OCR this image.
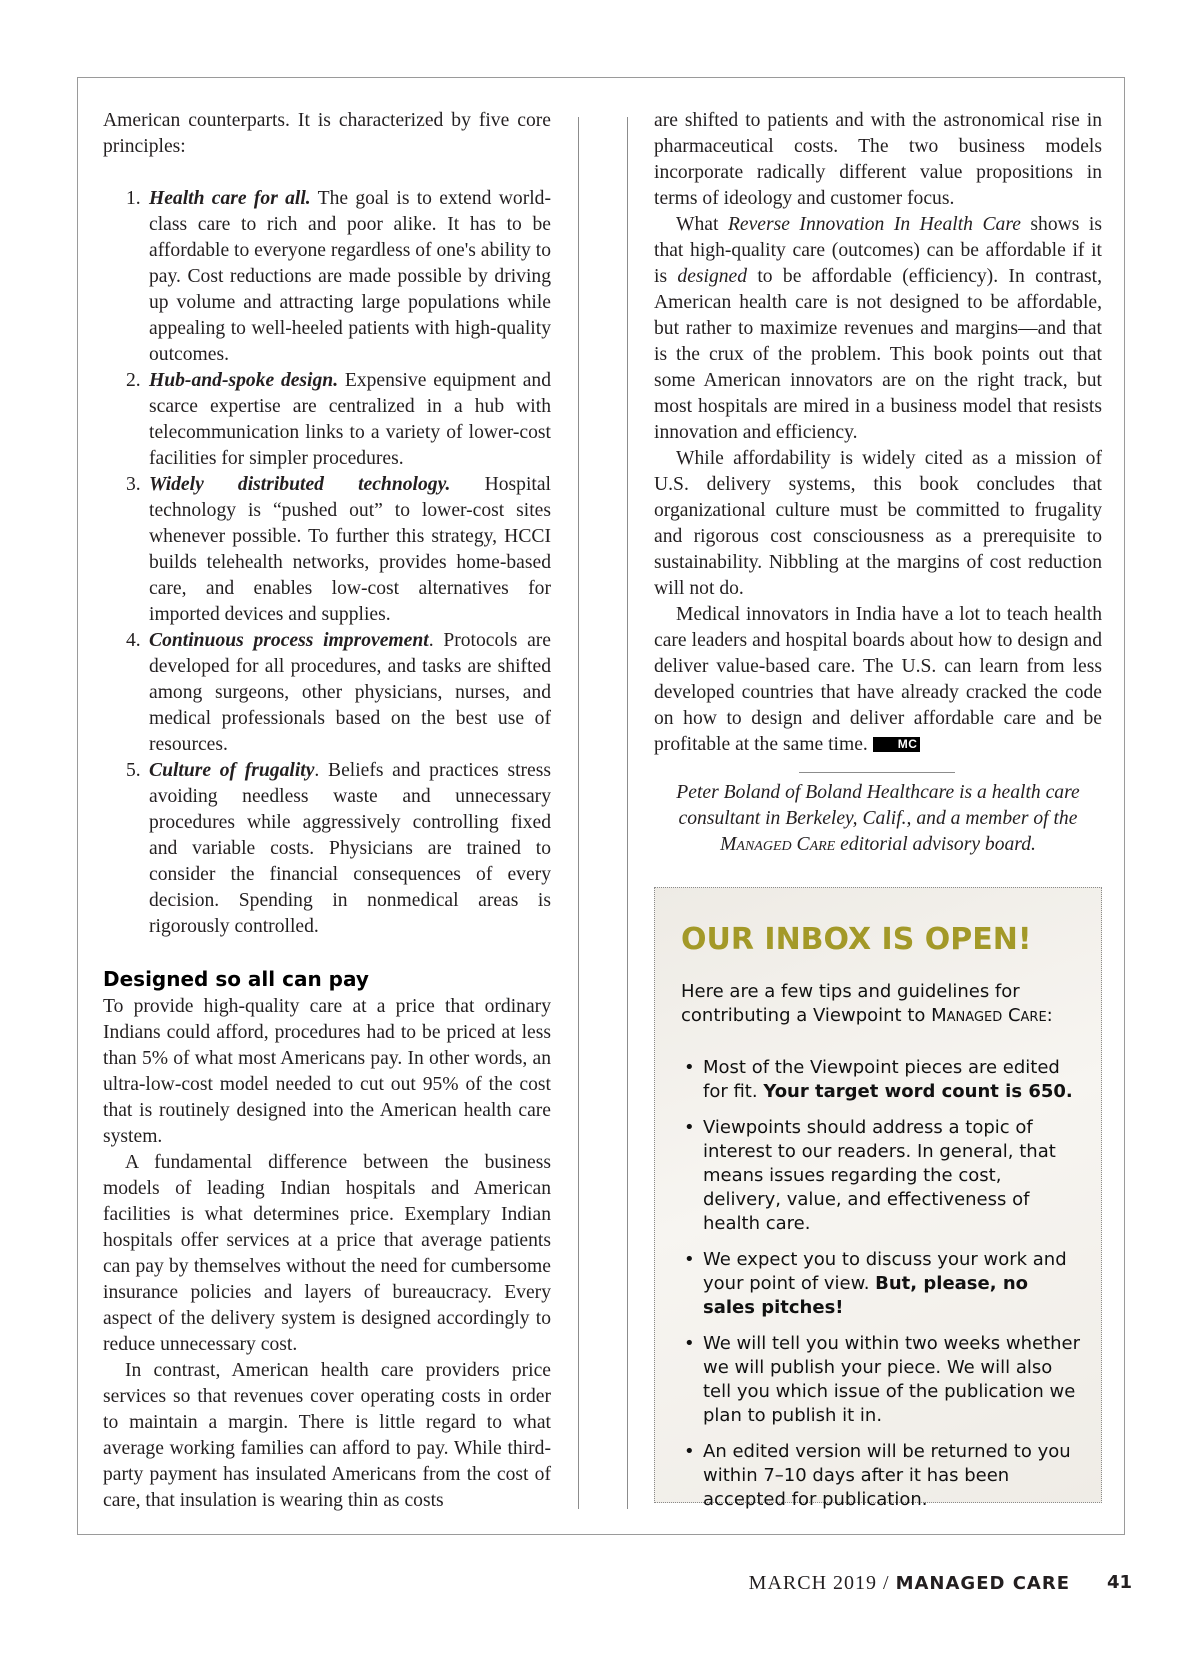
American counterparts. It is characterized by five core principles:

1. Health care for all. The goal is to extend world-class care to rich and poor alike. It has to be affordable to everyone regardless of one's ability to pay. Cost reductions are made possible by driving up volume and attracting large populations while appealing to well-heeled patients with high-quality outcomes.
2. Hub-and-spoke design. Expensive equipment and scarce expertise are centralized in a hub with telecommunication links to a variety of lower-cost facilities for simpler procedures.
3. Widely distributed technology. Hospital technology is “pushed out” to lower-cost sites whenever possible. To further this strategy, HCCI builds telehealth networks, provides home-based care, and enables low-cost alternatives for imported devices and supplies.
4. Continuous process improvement. Protocols are developed for all procedures, and tasks are shifted among surgeons, other physicians, nurses, and medical professionals based on the best use of resources.
5. Culture of frugality. Beliefs and practices stress avoiding needless waste and unnecessary procedures while aggressively controlling fixed and variable costs. Physicians are trained to consider the financial consequences of every decision. Spending in nonmedical areas is rigorously controlled.
Designed so all can pay

To provide high-quality care at a price that ordinary Indians could afford, procedures had to be priced at less than 5% of what most Americans pay. In other words, an ultra-low-cost model needed to cut out 95% of the cost that is routinely designed into the American health care system.

A fundamental difference between the business models of leading Indian hospitals and American facilities is what determines price. Exemplary Indian hospitals offer services at a price that average patients can pay by themselves without the need for cumbersome insurance policies and layers of bureaucracy. Every aspect of the delivery system is designed accordingly to reduce unnecessary cost.

In contrast, American health care providers price services so that revenues cover operating costs in order to maintain a margin. There is little regard to what average working families can afford to pay. While third-party payment has insulated Americans from the cost of care, that insulation is wearing thin as costs

are shifted to patients and with the astronomical rise in pharmaceutical costs. The two business models incorporate radically different value propositions in terms of ideology and customer focus.

What Reverse Innovation In Health Care shows is that high-quality care (outcomes) can be affordable if it is designed to be affordable (efficiency). In contrast, American health care is not designed to be affordable, but rather to maximize revenues and margins—and that is the crux of the problem. This book points out that some American innovators are on the right track, but most hospitals are mired in a business model that resists innovation and efficiency.

While affordability is widely cited as a mission of U.S. delivery systems, this book concludes that organizational culture must be committed to frugality and rigorous cost consciousness as a prerequisite to sustainability. Nibbling at the margins of cost reduction will not do.

Medical innovators in India have a lot to teach health care leaders and hospital boards about how to design and deliver value-based care. The U.S. can learn from less developed countries that have already cracked the code on how to design and deliver affordable care and be profitable at the same time. MC

Peter Boland of Boland Healthcare is a health care consultant in Berkeley, Calif., and a member of the Managed Care editorial advisory board.

OUR INBOX IS OPEN!
Here are a few tips and guidelines for contributing a Viewpoint to Managed Care:
• Most of the Viewpoint pieces are edited for fit. Your target word count is 650.
• Viewpoints should address a topic of interest to our readers. In general, that means issues regarding the cost, delivery, value, and effectiveness of health care.
• We expect you to discuss your work and your point of view. But, please, no sales pitches!
• We will tell you within two weeks whether we will publish your piece. We will also tell you which issue of the publication we plan to publish it in.
• An edited version will be returned to you within 7–10 days after it has been accepted for publication.
MARCH 2019 / MANAGED CARE 41
